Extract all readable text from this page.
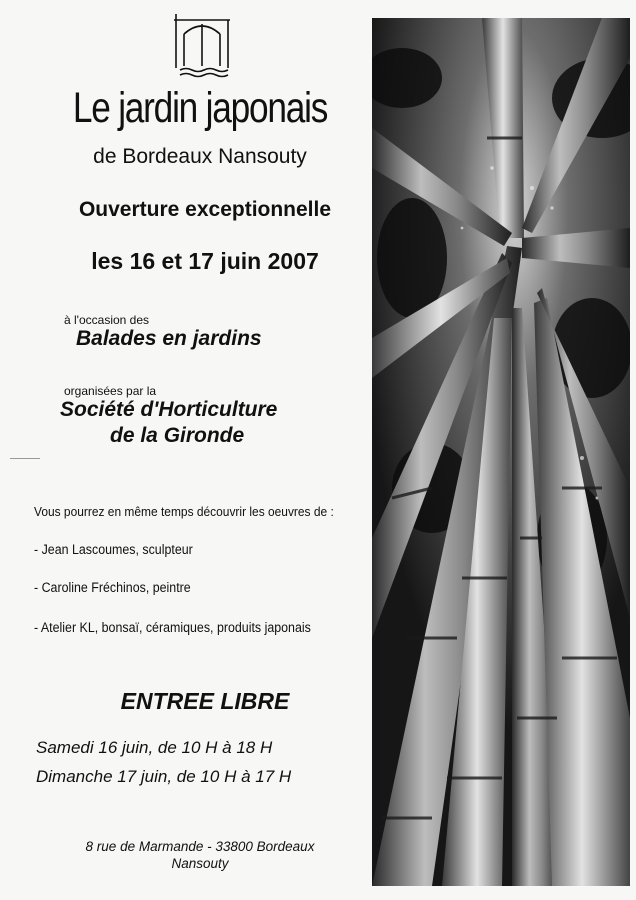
Le jardin japonais
de Bordeaux Nansouty
Ouverture exceptionnelle
les 16 et 17 juin 2007
à l'occasion des
Balades en jardins
organisées par la
Société d'Horticulture
de la Gironde
Vous pourrez en même temps découvrir les oeuvres de :
- Jean Lascoumes, sculpteur
- Caroline Fréchinos, peintre
- Atelier KL, bonsaï, céramiques, produits japonais
ENTREE LIBRE
Samedi 16 juin, de 10 H à 18 H
Dimanche 17 juin, de 10 H à 17 H
8 rue de Marmande - 33800 Bordeaux
Nansouty
